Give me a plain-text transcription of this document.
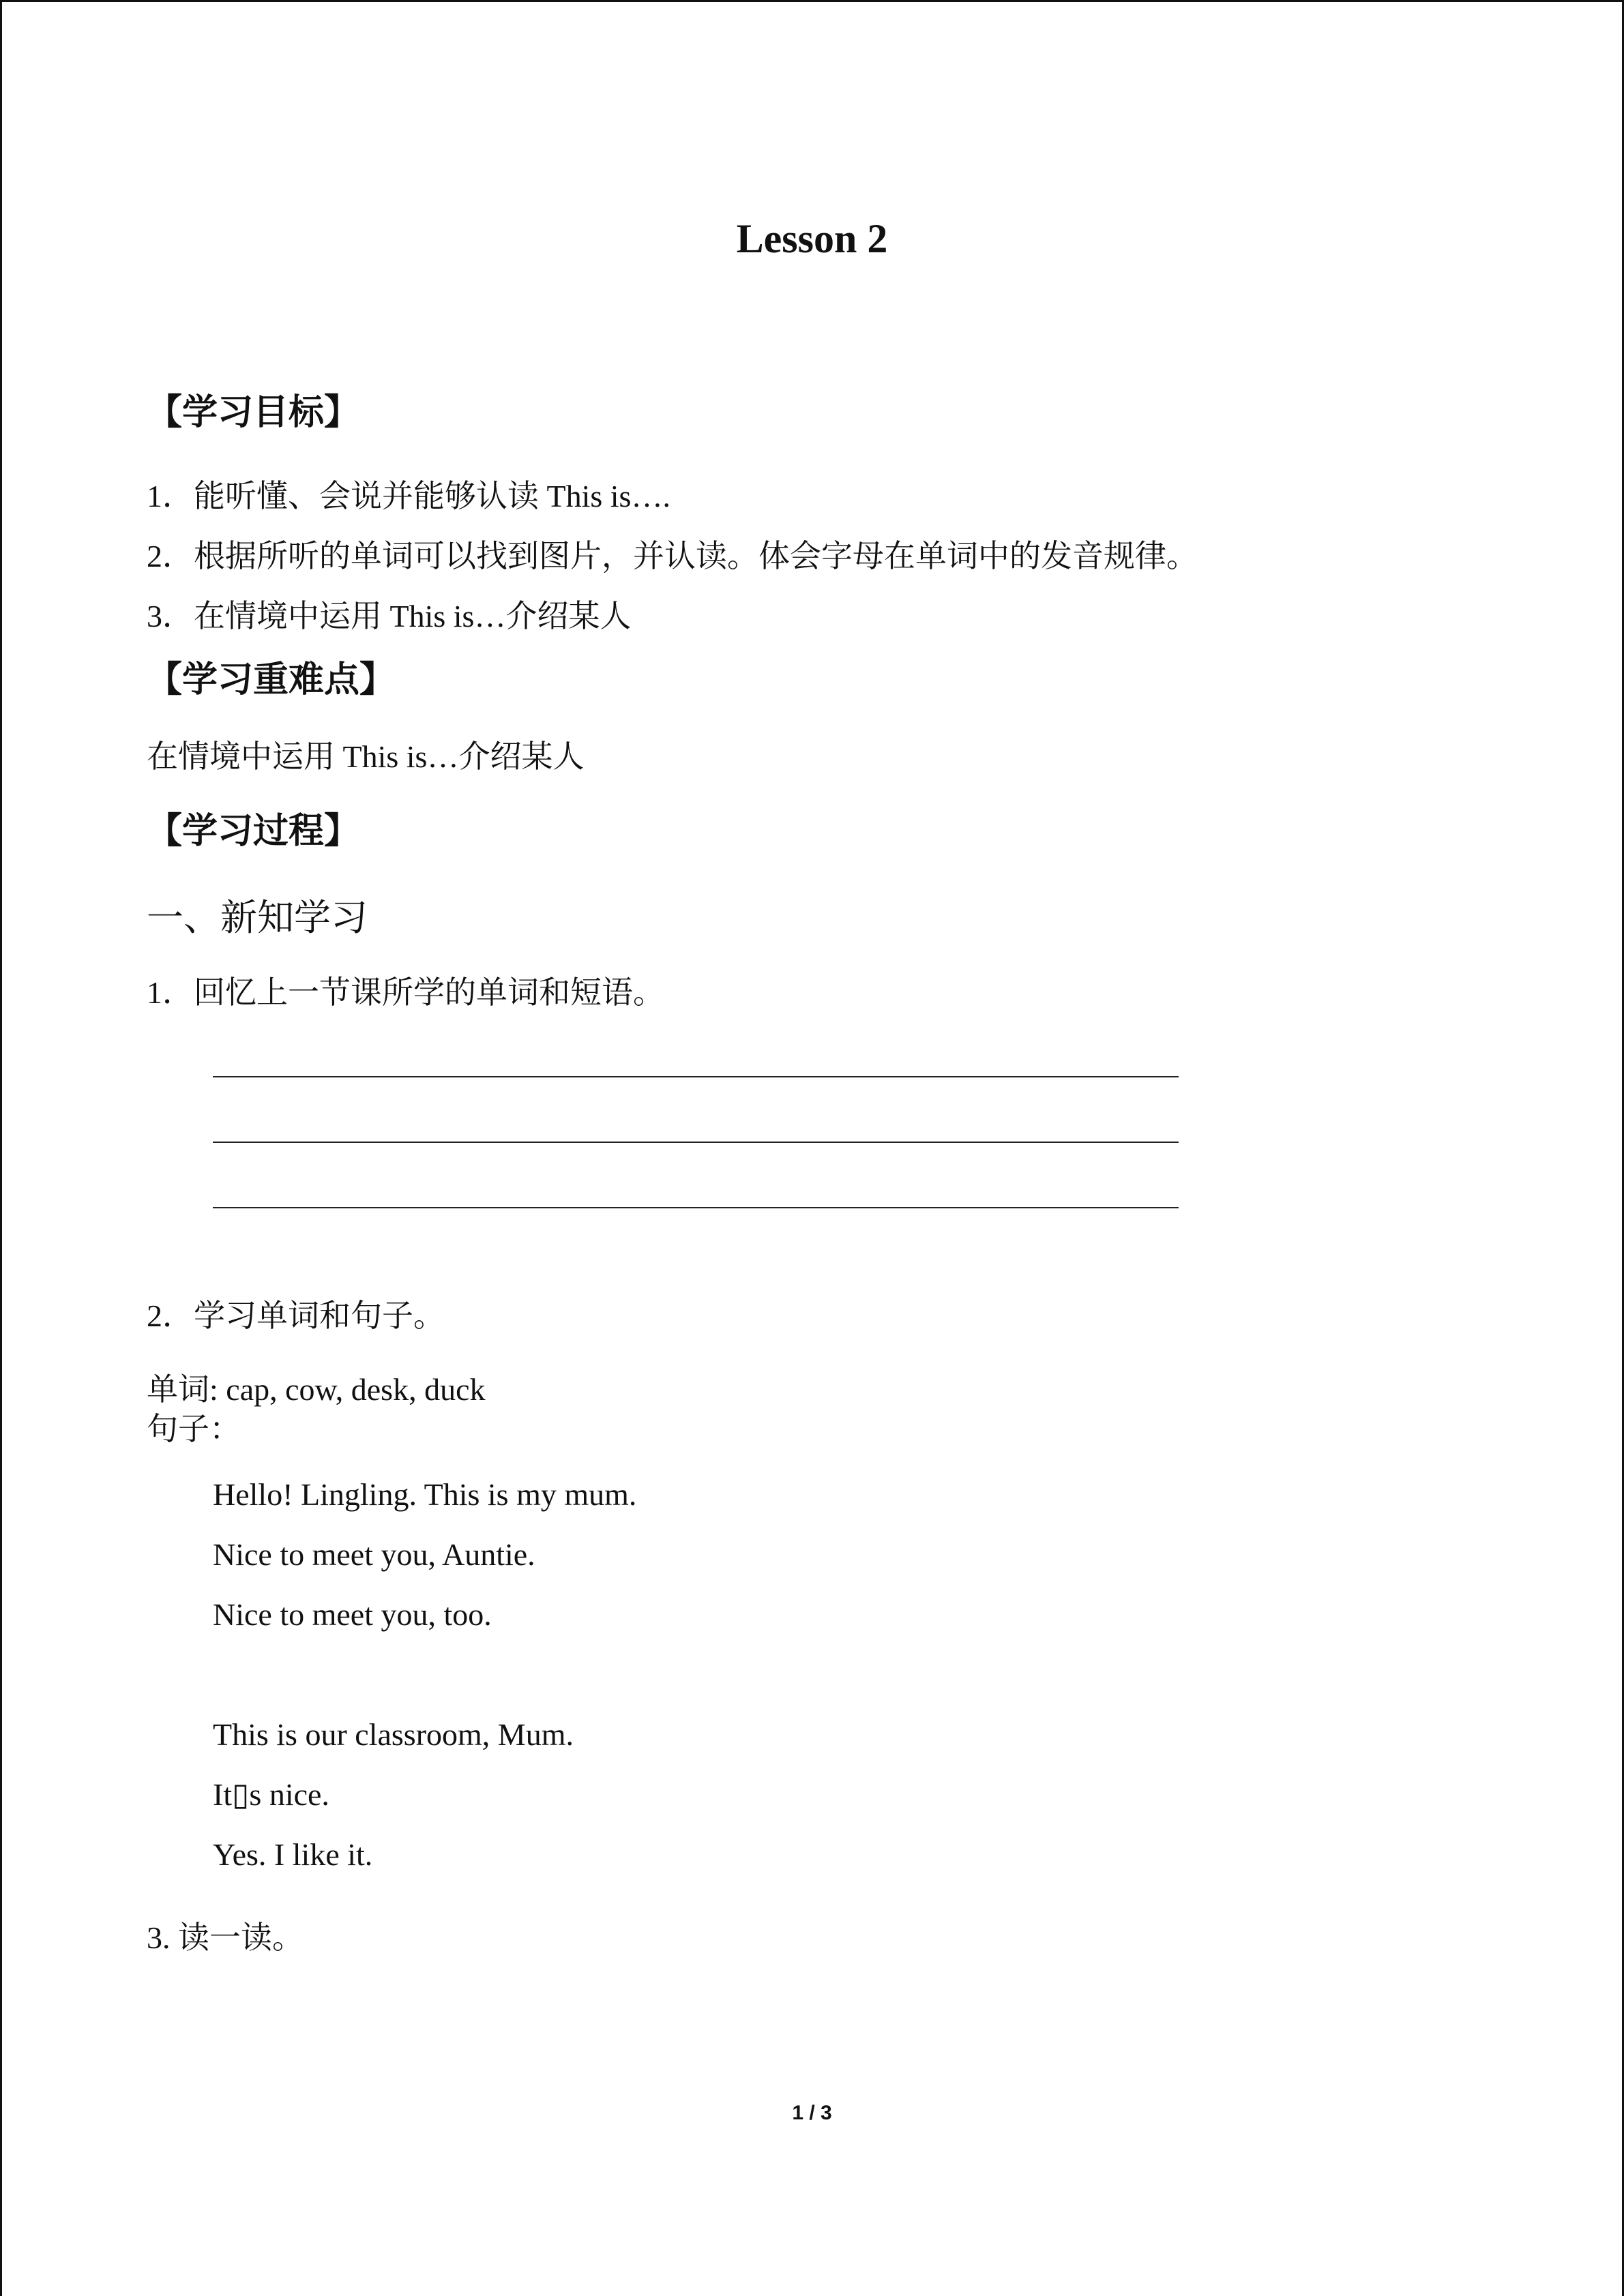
Lesson 2
【学习目标】
1．能听懂、会说并能够认读 This is….
2．根据所听的单词可以找到图片，并认读。体会字母在单词中的发音规律。
3．在情境中运用 This is…介绍某人
【学习重难点】
在情境中运用 This is…介绍某人
【学习过程】
一、新知学习
1．回忆上一节课所学的单词和短语。
2．学习单词和句子。
单词: cap, cow, desk, duck
句子：
Hello! Lingling. This is my mum.
Nice to meet you, Auntie.
Nice to meet you, too.
This is our classroom, Mum.
It▯s nice.
Yes. I like it.
3. 读一读。
1 / 3
